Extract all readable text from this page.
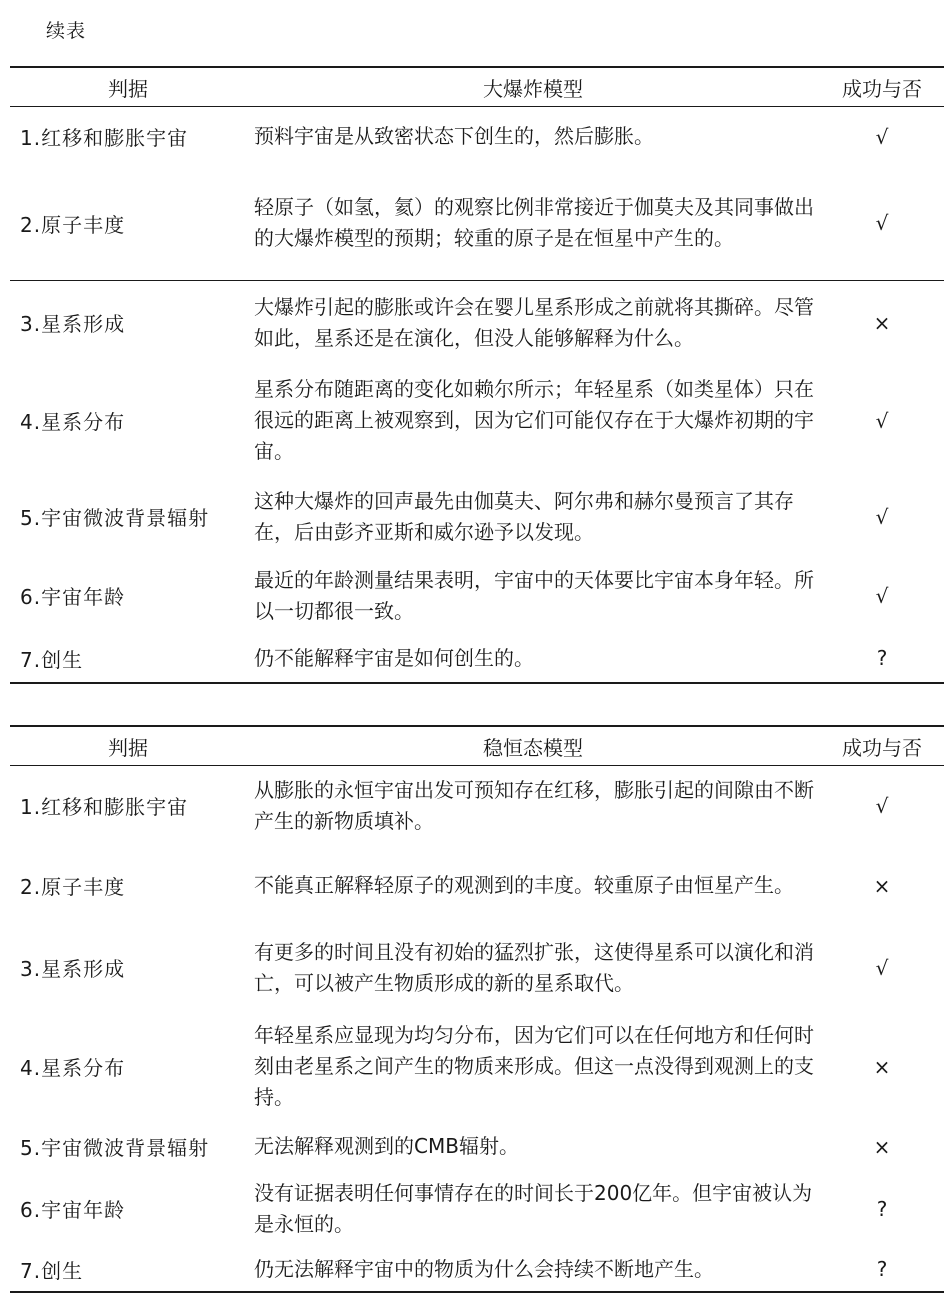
续表
判据	大爆炸模型	成功与否
1.红移和膨胀宇宙	预料宇宙是从致密状态下创生的，然后膨胀。	√
2.原子丰度	轻原子（如氢，氦）的观察比例非常接近于伽莫夫及其同事做出的大爆炸模型的预期；较重的原子是在恒星中产生的。	√
3.星系形成	大爆炸引起的膨胀或许会在婴儿星系形成之前就将其撕碎。尽管如此，星系还是在演化，但没人能够解释为什么。	×
4.星系分布	星系分布随距离的变化如赖尔所示；年轻星系（如类星体）只在很远的距离上被观察到，因为它们可能仅存在于大爆炸初期的宇宙。	√
5.宇宙微波背景辐射	这种大爆炸的回声最先由伽莫夫、阿尔弗和赫尔曼预言了其存在，后由彭齐亚斯和威尔逊予以发现。	√
6.宇宙年龄	最近的年龄测量结果表明，宇宙中的天体要比宇宙本身年轻。所以一切都很一致。	√
7.创生	仍不能解释宇宙是如何创生的。	?
判据	稳恒态模型	成功与否
1.红移和膨胀宇宙	从膨胀的永恒宇宙出发可预知存在红移，膨胀引起的间隙由不断产生的新物质填补。	√
2.原子丰度	不能真正解释轻原子的观测到的丰度。较重原子由恒星产生。	×
3.星系形成	有更多的时间且没有初始的猛烈扩张，这使得星系可以演化和消亡，可以被产生物质形成的新的星系取代。	√
4.星系分布	年轻星系应显现为均匀分布，因为它们可以在任何地方和任何时刻由老星系之间产生的物质来形成。但这一点没得到观测上的支持。	×
5.宇宙微波背景辐射	无法解释观测到的CMB辐射。	×
6.宇宙年龄	没有证据表明任何事情存在的时间长于200亿年。但宇宙被认为是永恒的。	?
7.创生	仍无法解释宇宙中的物质为什么会持续不断地产生。	?
